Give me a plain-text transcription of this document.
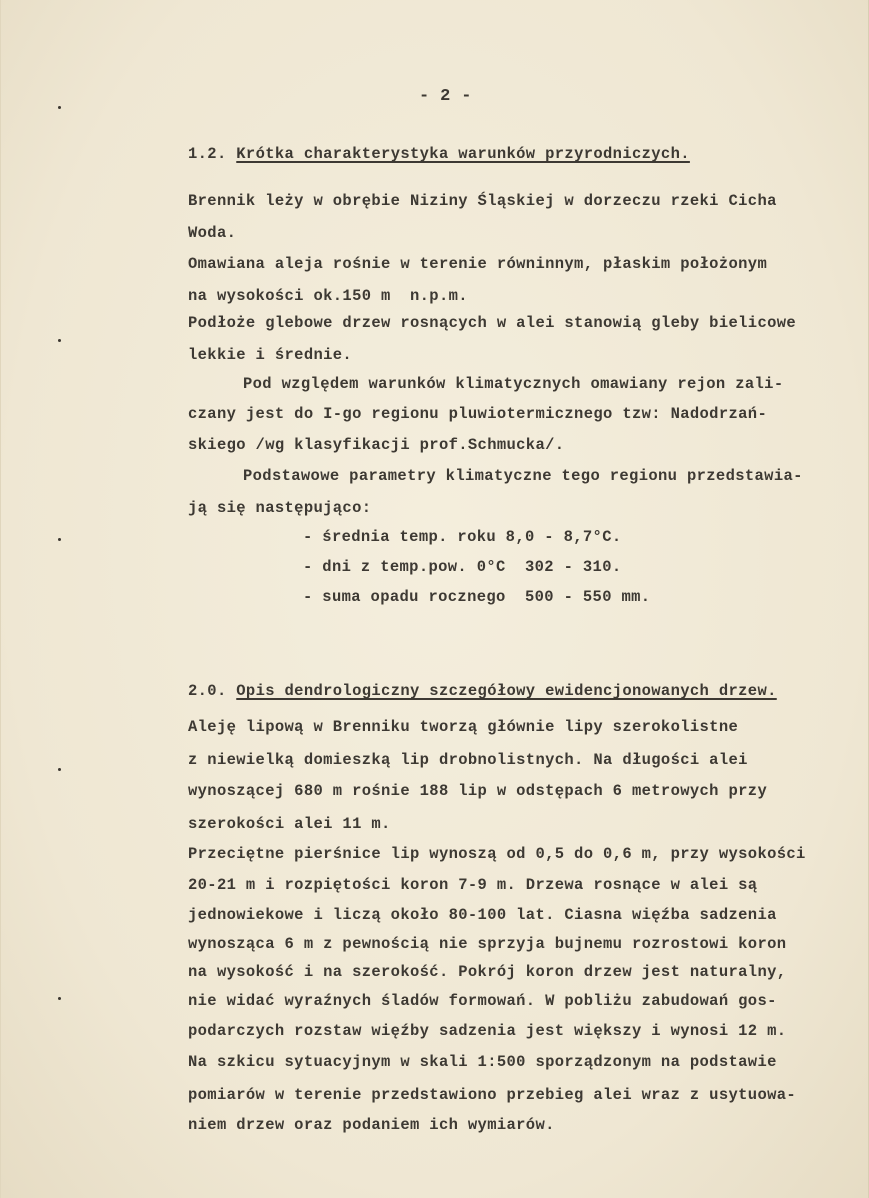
- 2 -
1.2. Krótka charakterystyka warunków przyrodniczych.
Brennik leży w obrębie Niziny Śląskiej w dorzeczu rzeki Cicha
Woda.
Omawiana aleja rośnie w terenie równinnym, płaskim położonym
na wysokości ok.150 m  n.p.m.
Podłoże glebowe drzew rosnących w alei stanowią gleby bielicowe
lekkie i średnie.
Pod względem warunków klimatycznych omawiany rejon zali-
czany jest do I-go regionu pluwiotermicznego tzw: Nadodrzań-
skiego /wg klasyfikacji prof.Schmucka/.
Podstawowe parametry klimatyczne tego regionu przedstawia-
ją się następująco:
- średnia temp. roku 8,0 - 8,7°C.
- dni z temp.pow. 0°C  302 - 310.
- suma opadu rocznego  500 - 550 mm.
2.0. Opis dendrologiczny szczegółowy ewidencjonowanych drzew.
Aleję lipową w Brenniku tworzą głównie lipy szerokolistne
z niewielką domieszką lip drobnolistnych. Na długości alei
wynoszącej 680 m rośnie 188 lip w odstępach 6 metrowych przy
szerokości alei 11 m.
Przeciętne pierśnice lip wynoszą od 0,5 do 0,6 m, przy wysokości
20-21 m i rozpiętości koron 7-9 m. Drzewa rosnące w alei są
jednowiekowe i liczą około 80-100 lat. Ciasna więźba sadzenia
wynosząca 6 m z pewnością nie sprzyja bujnemu rozrostowi koron
na wysokość i na szerokość. Pokrój koron drzew jest naturalny,
nie widać wyraźnych śladów formowań. W pobliżu zabudowań gos-
podarczych rozstaw więźby sadzenia jest większy i wynosi 12 m.
Na szkicu sytuacyjnym w skali 1:500 sporządzonym na podstawie
pomiarów w terenie przedstawiono przebieg alei wraz z usytuowa-
niem drzew oraz podaniem ich wymiarów.
